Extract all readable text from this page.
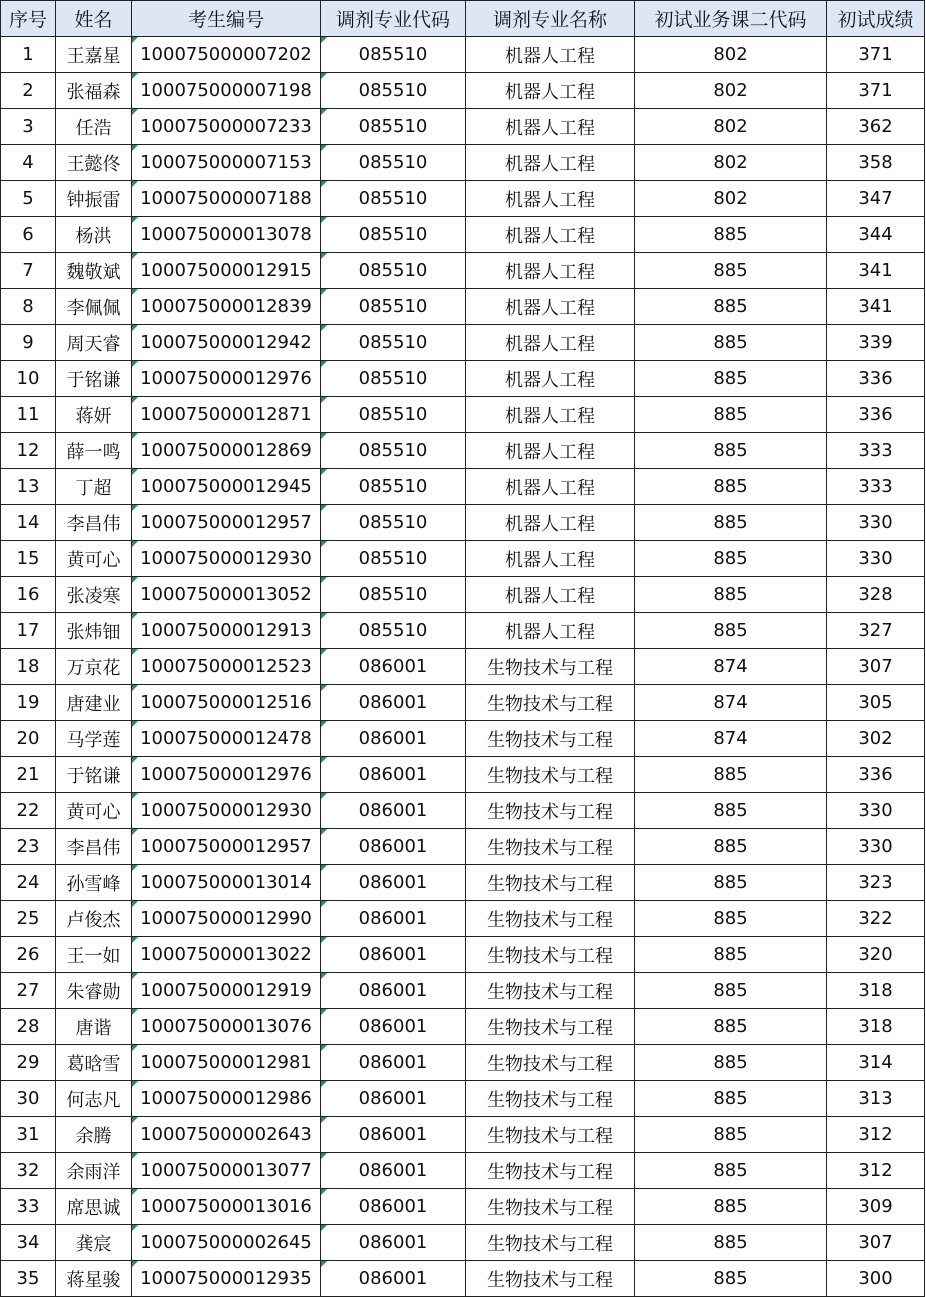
序号	姓名	考生编号	调剂专业代码	调剂专业名称	初试业务课二代码	初试成绩
1	王嘉星	100075000007202	085510	机器人工程	802	371
2	张福森	100075000007198	085510	机器人工程	802	371
3	任浩	100075000007233	085510	机器人工程	802	362
4	王懿佟	100075000007153	085510	机器人工程	802	358
5	钟振雷	100075000007188	085510	机器人工程	802	347
6	杨洪	100075000013078	085510	机器人工程	885	344
7	魏敬斌	100075000012915	085510	机器人工程	885	341
8	李佩佩	100075000012839	085510	机器人工程	885	341
9	周天睿	100075000012942	085510	机器人工程	885	339
10	于铭谦	100075000012976	085510	机器人工程	885	336
11	蒋妍	100075000012871	085510	机器人工程	885	336
12	薛一鸣	100075000012869	085510	机器人工程	885	333
13	丁超	100075000012945	085510	机器人工程	885	333
14	李昌伟	100075000012957	085510	机器人工程	885	330
15	黄可心	100075000012930	085510	机器人工程	885	330
16	张凌寒	100075000013052	085510	机器人工程	885	328
17	张炜钿	100075000012913	085510	机器人工程	885	327
18	万京花	100075000012523	086001	生物技术与工程	874	307
19	唐建业	100075000012516	086001	生物技术与工程	874	305
20	马学莲	100075000012478	086001	生物技术与工程	874	302
21	于铭谦	100075000012976	086001	生物技术与工程	885	336
22	黄可心	100075000012930	086001	生物技术与工程	885	330
23	李昌伟	100075000012957	086001	生物技术与工程	885	330
24	孙雪峰	100075000013014	086001	生物技术与工程	885	323
25	卢俊杰	100075000012990	086001	生物技术与工程	885	322
26	王一如	100075000013022	086001	生物技术与工程	885	320
27	朱睿勋	100075000012919	086001	生物技术与工程	885	318
28	唐谐	100075000013076	086001	生物技术与工程	885	318
29	葛晗雪	100075000012981	086001	生物技术与工程	885	314
30	何志凡	100075000012986	086001	生物技术与工程	885	313
31	余腾	100075000002643	086001	生物技术与工程	885	312
32	余雨洋	100075000013077	086001	生物技术与工程	885	312
33	席思诚	100075000013016	086001	生物技术与工程	885	309
34	龚宸	100075000002645	086001	生物技术与工程	885	307
35	蒋星骏	100075000012935	086001	生物技术与工程	885	300
